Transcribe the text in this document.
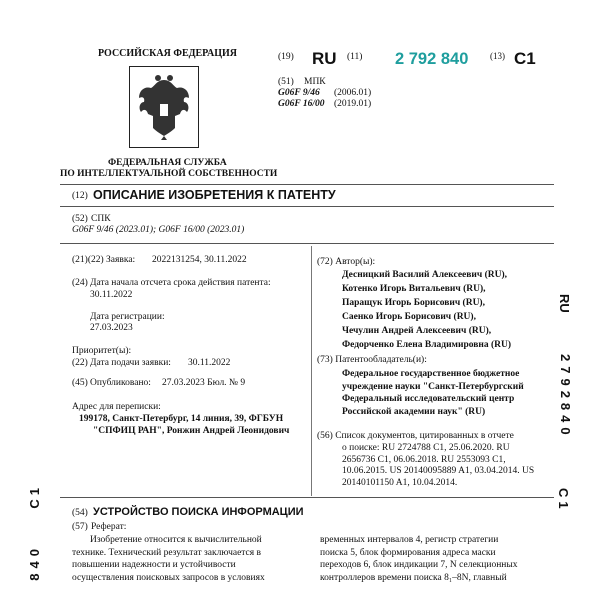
РОССИЙСКАЯ ФЕДЕРАЦИЯ
ФЕДЕРАЛЬНАЯ СЛУЖБА
ПО ИНТЕЛЛЕКТУАЛЬНОЙ СОБСТВЕННОСТИ
(19) RU (11) 2 792 840 (13) C1
(51) МПК
G06F 9/46 (2006.01)
G06F 16/00 (2019.01)
(12) ОПИСАНИЕ ИЗОБРЕТЕНИЯ К ПАТЕНТУ
(52) СПК
G06F 9/46 (2023.01); G06F 16/00 (2023.01)
(21)(22) Заявка: 2022131254, 30.11.2022
(24) Дата начала отсчета срока действия патента:
30.11.2022
Дата регистрации:
27.03.2023
Приоритет(ы):
(22) Дата подачи заявки: 30.11.2022
(45) Опубликовано: 27.03.2023 Бюл. № 9
Адрес для переписки:
199178, Санкт-Петербург, 14 линия, 39, ФГБУН
"СПФИЦ РАН", Ронжин Андрей Леонидович
(72) Автор(ы):
Десницкий Василий Алексеевич (RU),
Котенко Игорь Витальевич (RU),
Паращук Игорь Борисович (RU),
Саенко Игорь Борисович (RU),
Чечулин Андрей Алексеевич (RU),
Федорченко Елена Владимировна (RU)
(73) Патентообладатель(и):
Федеральное государственное бюджетное
учреждение науки "Санкт-Петербургский
Федеральный исследовательский центр
Российской академии наук" (RU)
(56) Список документов, цитированных в отчете
о поиске: RU 2724788 C1, 25.06.2020. RU
2656736 C1, 06.06.2018. RU 2553093 C1,
10.06.2015. US 20140095889 A1, 03.04.2014. US
20140101150 A1, 10.04.2014.
(54) УСТРОЙСТВО ПОИСКА ИНФОРМАЦИИ
(57) Реферат:
Изобретение относится к вычислительной
технике. Технический результат заключается в
повышении надежности и устойчивости
осуществления поисковых запросов в условиях
временных интервалов 4, регистр стратегии
поиска 5, блок формирования адреса маски
переходов 6, блок индикации 7, N селекционных
контроллеров времени поиска 8₁–8N, главный
RU
2792840
C1
C1
840
